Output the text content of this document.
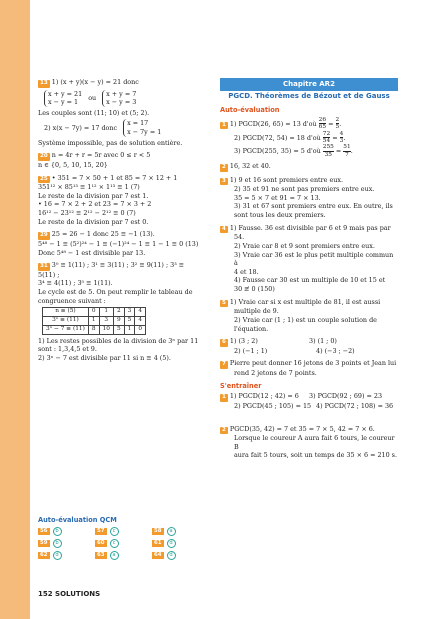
13 1) (x + y)(x − y) = 21 donc
x + y = 21
x − y = 1
ou
x + y = 7
x − y = 3
Les couples sont (11; 10) et (5; 2).
2) x(x − 7y) = 17 donc
x = 17
x − 7y = 1
Système impossible, pas de solution entière.
20 n = 4r + r = 5r avec 0 ≤ r < 5
n ∈ {0, 5, 10, 15, 20}
25 • 351 = 7 × 50 + 1 et 85 = 7 × 12 + 1
351¹² × 85¹³ ≡ 1¹² × 1¹³ ≡ 1 (7)
Le reste de la division par 7 est 1.
• 16 = 7 × 2 + 2 et 23 = 7 × 3 + 2
16¹² − 23¹² ≡ 2¹² − 2¹² ≡ 0 (7)
Le reste de la division par 7 est 0.
29 25 = 26 − 1 donc 25 ≡ −1 (13).
5⁴⁸ − 1 ≡ (5²)²⁴ − 1 ≡ (−1)²⁴ − 1 ≡ 1 − 1 ≡ 0 (13)
Donc 5⁴⁸ − 1 est divisible par 13.
31 3⁰ ≡ 1(11) ; 3¹ ≡ 3(11) ; 3² ≡ 9(11) ; 3³ ≡ 5(11) ;
3⁴ ≡ 4(11) ; 3⁵ ≡ 1(11).
Le cycle est de 5. On peut remplir le tableau de
congruence suivant :
n ≡ (5)	0	1	2	3	4
3ⁿ ≡ (11)	1	3	9	5	4
3ⁿ − 7 ≡ (11)	8	10	5	1	0
1) Les restes possibles de la division de 3ⁿ par 11
sont : 1,3,4,5 et 9.
2) 3ⁿ − 7 est divisible par 11 si n ≡ 4 (5).
Auto-évaluation QCM
56	b	57	c	58	a
59	b	60	c	61	d
62	d	63	a	64	d
152 SOLUTIONS
Chapitre AR2
PGCD. Théorèmes de Bézout et de Gauss
Auto-évaluation
1 1) PGCD(26, 65) = 13 d'où $\frac{26}{65} = \frac{2}{5}$ .
2) PGCD(72, 54) = 18 d'où $\frac{72}{54} = \frac{4}{3}$ .
3) PGCD(255, 35) = 5 d'où $\frac{255}{35} = \frac{51}{7}$ .
2 16, 32 et 40.
3 1) 9 et 16 sont premiers entre eux.
2) 35 et 91 ne sont pas premiers entre eux.
35 = 5 × 7 et 91 = 7 × 13.
3) 31 et 67 sont premiers entre eux. En outre, ils
sont tous les deux premiers.
4 1) Fausse. 36 est divisible par 6 et 9 mais pas par
54.
2) Vraie car 8 et 9 sont premiers entre eux.
3) Vraie car 36 est le plus petit multiple commun à
4 et 18.
4) Fausse car 30 est un multiple de 10 et 15 et
30 ≢ 0 (150)
5 1) Vraie car si x est multiple de 81, il est aussi
multiple de 9.
2) Vraie car (1 ; 1) est un couple solution de
l'équation.
6 1) (3 ; 2)	3) (1 ; 0)
2) (−1 ; 1)	4) (−3 ; −2)
7 Pierre peut donner 16 jetons de 3 points et Jean lui
rend 2 jetons de 7 points.
S'entraîner
1 1) PGCD(12 ; 42) = 6	3) PGCD(92 ; 69) = 23
2) PGCD(45 ; 105) = 15 4) PGCD(72 ; 108) = 36
2 PGCD(35, 42) = 7 et 35 = 7 × 5, 42 = 7 × 6.
Lorsque le coureur A aura fait 6 tours, le coureur B
aura fait 5 tours, soit un temps de 35 × 6 = 210 s.
